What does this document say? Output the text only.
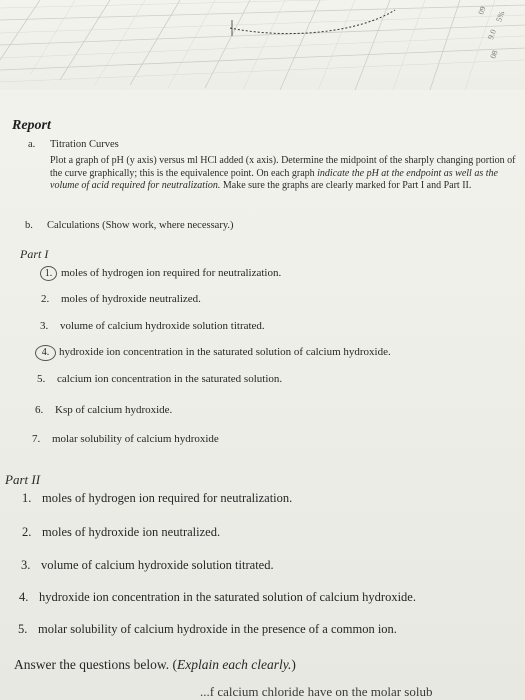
09 5%
9.0
08
Report
a. Titration Curves
Plot a graph of pH (y axis) versus ml HCl added (x axis). Determine the midpoint of the sharply changing portion of the curve graphically; this is the equivalence point. On each graph indicate the pH at the endpoint as well as the volume of acid required for neutralization. Make sure the graphs are clearly marked for Part I and Part II.
b. Calculations (Show work, where necessary.)
Part I
1. moles of hydrogen ion required for neutralization.
2. moles of hydroxide neutralized.
3. volume of calcium hydroxide solution titrated.
4. hydroxide ion concentration in the saturated solution of calcium hydroxide.
5. calcium ion concentration in the saturated solution.
6. Ksp of calcium hydroxide.
7. molar solubility of calcium hydroxide
Part II
1. moles of hydrogen ion required for neutralization.
2. moles of hydroxide ion neutralized.
3. volume of calcium hydroxide solution titrated.
4. hydroxide ion concentration in the saturated solution of calcium hydroxide.
5. molar solubility of calcium hydroxide in the presence of a common ion.
Answer the questions below. (Explain each clearly.)
...f calcium chloride have on the molar solub
